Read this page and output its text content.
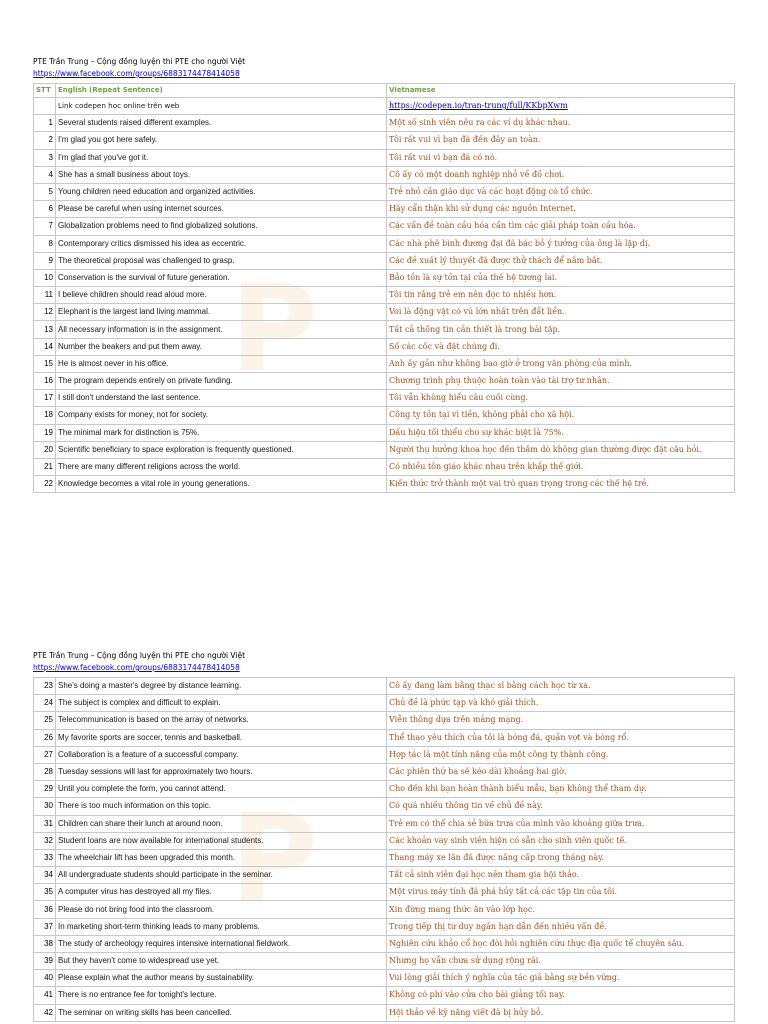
P
PTE Trần Trung – Cộng đồng luyện thi PTE cho người Việt
https://www.facebook.com/groups/6883174478414058
STT	English (Repeat Sentence)	Vietnamese
	Link codepen học online trên web	https://codepen.io/tran-trung/full/KKbpXwm
1	Several students raised different examples.	Một số sinh viên nêu ra các ví dụ khác nhau.
2	I'm glad you got here safely.	Tôi rất vui vì bạn đã đến đây an toàn.
3	I'm glad that you've got it.	Tôi rất vui vì bạn đã có nó.
4	She has a small business about toys.	Cô ấy có một doanh nghiệp nhỏ về đồ chơi.
5	Young children need education and organized activities.	Trẻ nhỏ cần giáo dục và các hoạt động có tổ chức.
6	Please be careful when using internet sources.	Hãy cẩn thận khi sử dụng các nguồn Internet.
7	Globalization problems need to find globalized solutions.	Các vấn đề toàn cầu hóa cần tìm các giải pháp toàn cầu hóa.
8	Contemporary critics dismissed his idea as eccentric.	Các nhà phê bình đương đại đã bác bỏ ý tưởng của ông là lập dị.
9	The theoretical proposal was challenged to grasp.	Các đề xuất lý thuyết đã được thử thách để nắm bắt.
10	Conservation is the survival of future generation.	Bảo tồn là sự tồn tại của thế hệ tương lai.
11	I believe children should read aloud more.	Tôi tin rằng trẻ em nên đọc to nhiều hơn.
12	Elephant is the largest land living mammal.	Voi là động vật có vú lớn nhất trên đất liền.
13	All necessary information is in the assignment.	Tất cả thông tin cần thiết là trong bài tập.
14	Number the beakers and put them away.	Số các cốc và đặt chúng đi.
15	He is almost never in his office.	Anh ấy gần như không bao giờ ở trong văn phòng của mình.
16	The program depends entirely on private funding.	Chương trình phụ thuộc hoàn toàn vào tài trợ tư nhân.
17	I still don't understand the last sentence.	Tôi vẫn không hiểu câu cuối cùng.
18	Company exists for money, not for society.	Công ty tồn tại vì tiền, không phải cho xã hội.
19	The minimal mark for distinction is 75%.	Dấu hiệu tối thiểu cho sự khác biệt là 75%.
20	Scientific beneficiary to space exploration is frequently questioned.	Người thụ hưởng khoa học đến thăm dò không gian thường được đặt câu hỏi.
21	There are many different religions across the world.	Có nhiều tôn giáo khác nhau trên khắp thế giới.
22	Knowledge becomes a vital role in young generations.	Kiến thức trở thành một vai trò quan trọng trong các thế hệ trẻ.
P
PTE Trần Trung – Cộng đồng luyện thi PTE cho người Việt
https://www.facebook.com/groups/6883174478414058
23	She's doing a master's degree by distance learning.	Cô ấy đang làm bằng thạc sĩ bằng cách học từ xa.
24	The subject is complex and difficult to explain.	Chủ đề là phức tạp và khó giải thích.
25	Telecommunication is based on the array of networks.	Viễn thông dựa trên mảng mạng.
26	My favorite sports are soccer, tennis and basketball.	Thể thao yêu thích của tôi là bóng đá, quần vợt và bóng rổ.
27	Collaboration is a feature of a successful company.	Hợp tác là một tính năng của một công ty thành công.
28	Tuesday sessions will last for approximately two hours.	Các phiên thứ ba sẽ kéo dài khoảng hai giờ.
29	Until you complete the form, you cannot attend.	Cho đến khi bạn hoàn thành biểu mẫu, bạn không thể tham dự.
30	There is too much information on this topic.	Có quá nhiều thông tin về chủ đề này.
31	Children can share their lunch at around noon.	Trẻ em có thể chia sẻ bữa trưa của mình vào khoảng giữa trưa.
32	Student loans are now available for international students.	Các khoản vay sinh viên hiện có sẵn cho sinh viên quốc tế.
33	The wheelchair lift has been upgraded this month.	Thang máy xe lăn đã được nâng cấp trong tháng này.
34	All undergraduate students should participate in the seminar.	Tất cả sinh viên đại học nên tham gia hội thảo.
35	A computer virus has destroyed all my files.	Một virus máy tính đã phá hủy tất cả các tập tin của tôi.
36	Please do not bring food into the classroom.	Xin đừng mang thức ăn vào lớp học.
37	In marketing short-term thinking leads to many problems.	Trong tiếp thị tư duy ngắn hạn dẫn đến nhiều vấn đề.
38	The study of archeology requires intensive international fieldwork.	Nghiên cứu khảo cổ học đòi hỏi nghiên cứu thực địa quốc tế chuyên sâu.
39	But they haven't come to widespread use yet.	Nhưng họ vẫn chưa sử dụng rộng rãi.
40	Please explain what the author means by sustainability.	Vui lòng giải thích ý nghĩa của tác giả bằng sự bền vững.
41	There is no entrance fee for tonight's lecture.	Không có phí vào cửa cho bài giảng tối nay.
42	The seminar on writing skills has been cancelled.	Hội thảo về kỹ năng viết đã bị hủy bỏ.
